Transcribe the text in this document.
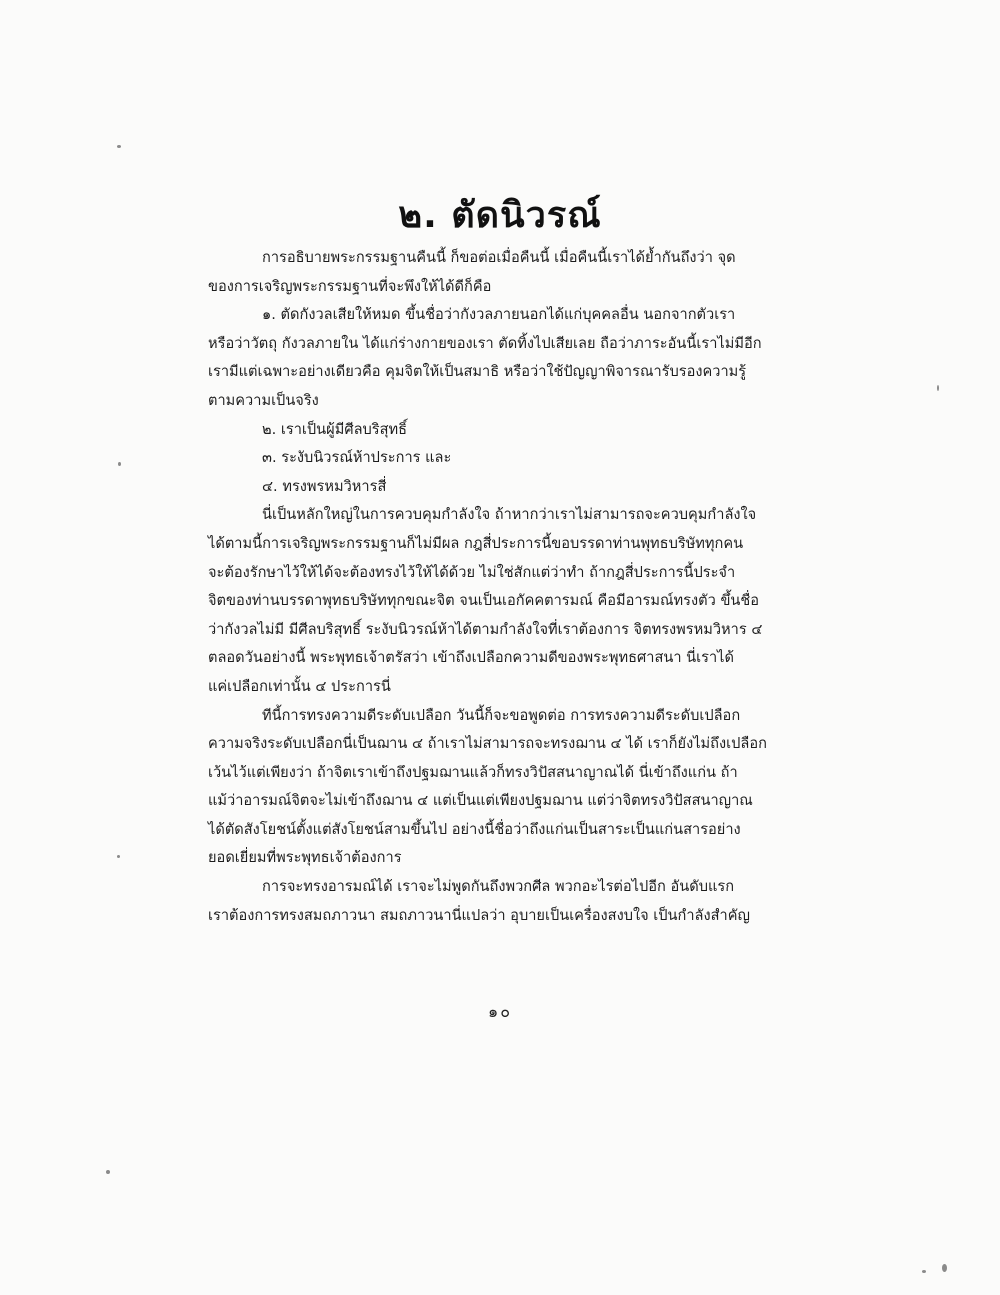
๒. ตัดนิวรณ์
การอธิบายพระกรรมฐานคืนนี้ ก็ขอต่อเมื่อคืนนี้ เมื่อคืนนี้เราได้ย้ำกันถึงว่า จุด
ของการเจริญพระกรรมฐานที่จะพึงให้ได้ดีก็คือ
๑. ตัดกังวลเสียให้หมด ขึ้นชื่อว่ากังวลภายนอกได้แก่บุคคลอื่น นอกจากตัวเรา
หรือว่าวัตถุ กังวลภายใน ได้แก่ร่างกายของเรา ตัดทิ้งไปเสียเลย ถือว่าภาระอันนี้เราไม่มีอีก
เรามีแต่เฉพาะอย่างเดียวคือ คุมจิตให้เป็นสมาธิ หรือว่าใช้ปัญญาพิจารณารับรองความรู้
ตามความเป็นจริง
๒. เราเป็นผู้มีศีลบริสุทธิ์
๓. ระงับนิวรณ์ห้าประการ และ
๔. ทรงพรหมวิหารสี่
นี่เป็นหลักใหญ่ในการควบคุมกำลังใจ ถ้าหากว่าเราไม่สามารถจะควบคุมกำลังใจ
ได้ตามนี้การเจริญพระกรรมฐานก็ไม่มีผล กฎสี่ประการนี้ขอบรรดาท่านพุทธบริษัททุกคน
จะต้องรักษาไว้ให้ได้จะต้องทรงไว้ให้ได้ด้วย ไม่ใช่สักแต่ว่าทำ ถ้ากฎสี่ประการนี้ประจำ
จิตของท่านบรรดาพุทธบริษัททุกขณะจิต จนเป็นเอกัคคตารมณ์ คือมีอารมณ์ทรงตัว ขึ้นชื่อ
ว่ากังวลไม่มี มีศีลบริสุทธิ์ ระงับนิวรณ์ห้าได้ตามกำลังใจที่เราต้องการ จิตทรงพรหมวิหาร ๔
ตลอดวันอย่างนี้ พระพุทธเจ้าตรัสว่า เข้าถึงเปลือกความดีของพระพุทธศาสนา นี่เราได้
แค่เปลือกเท่านั้น ๔ ประการนี่
ทีนี้การทรงความดีระดับเปลือก วันนี้ก็จะขอพูดต่อ การทรงความดีระดับเปลือก
ความจริงระดับเปลือกนี่เป็นฌาน ๔ ถ้าเราไม่สามารถจะทรงฌาน ๔ ได้ เราก็ยังไม่ถึงเปลือก
เว้นไว้แต่เพียงว่า ถ้าจิตเราเข้าถึงปฐมฌานแล้วก็ทรงวิปัสสนาญาณได้ นี่เข้าถึงแก่น ถ้า
แม้ว่าอารมณ์จิตจะไม่เข้าถึงฌาน ๔ แต่เป็นแต่เพียงปฐมฌาน แต่ว่าจิตทรงวิปัสสนาญาณ
ได้ตัดสังโยชน์ตั้งแต่สังโยชน์สามขึ้นไป อย่างนี้ชื่อว่าถึงแก่นเป็นสาระเป็นแก่นสารอย่าง
ยอดเยี่ยมที่พระพุทธเจ้าต้องการ
การจะทรงอารมณ์ได้ เราจะไม่พูดกันถึงพวกศีล พวกอะไรต่อไปอีก อันดับแรก
เราต้องการทรงสมถภาวนา สมถภาวนานี่แปลว่า อุบายเป็นเครื่องสงบใจ เป็นกำลังสำคัญ
๑๐
